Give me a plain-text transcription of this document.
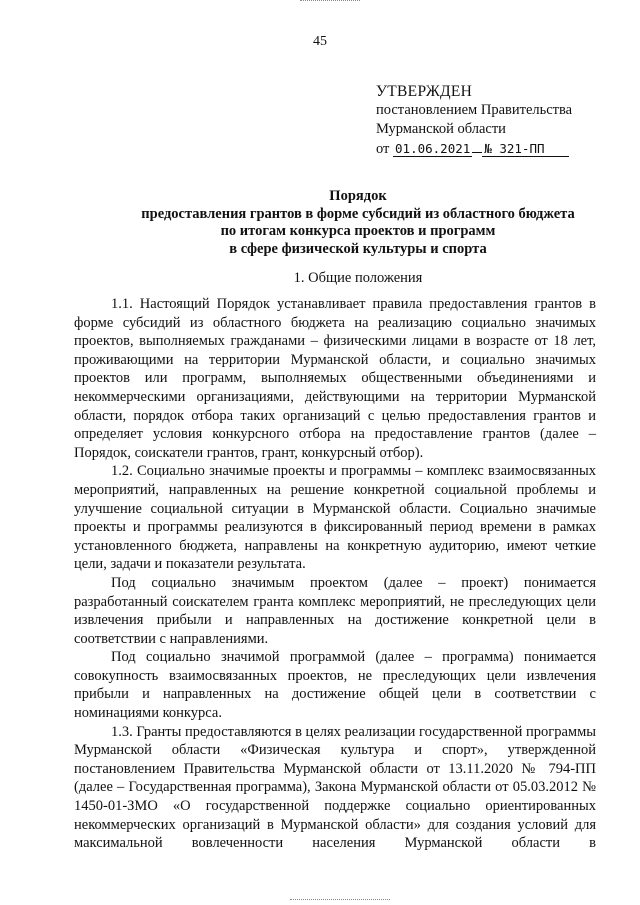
45
УТВЕРЖДЕН
постановлением Правительства
Мурманской области
от 01.06.2021 № 321-ПП
Порядок
предоставления грантов в форме субсидий из областного бюджета
по итогам конкурса проектов и программ
в сфере физической культуры и спорта
1. Общие положения

1.1. Настоящий Порядок устанавливает правила предоставления грантов в форме субсидий из областного бюджета на реализацию социально значимых проектов, выполняемых гражданами – физическими лицами в возрасте от 18 лет, проживающими на территории Мурманской области, и социально значимых проектов или программ, выполняемых общественными объединениями и некоммерческими организациями, действующими на территории Мурманской области, порядок отбора таких организаций с целью предоставления грантов и определяет условия конкурсного отбора на предоставление грантов (далее – Порядок, соискатели грантов, грант, конкурсный отбор).

1.2. Социально значимые проекты и программы – комплекс взаимосвязанных мероприятий, направленных на решение конкретной социальной проблемы и улучшение социальной ситуации в Мурманской области. Социально значимые проекты и программы реализуются в фиксированный период времени в рамках установленного бюджета, направлены на конкретную аудиторию, имеют четкие цели, задачи и показатели результата.

Под социально значимым проектом (далее – проект) понимается разработанный соискателем гранта комплекс мероприятий, не преследующих цели извлечения прибыли и направленных на достижение конкретной цели в соответствии с направлениями.

Под социально значимой программой (далее – программа) понимается совокупность взаимосвязанных проектов, не преследующих цели извлечения прибыли и направленных на достижение общей цели в соответствии с номинациями конкурса.

1.3. Гранты предоставляются в целях реализации государственной программы Мурманской области «Физическая культура и спорт», утвержденной постановлением Правительства Мурманской области от 13.11.2020 № 794-ПП (далее – Государственная программа), Закона Мурманской области от 05.03.2012 № 1450-01-ЗМО «О государственной поддержке социально ориентированных некоммерческих организаций в Мурманской области» для создания условий для максимальной вовлеченности населения Мурманской области в
